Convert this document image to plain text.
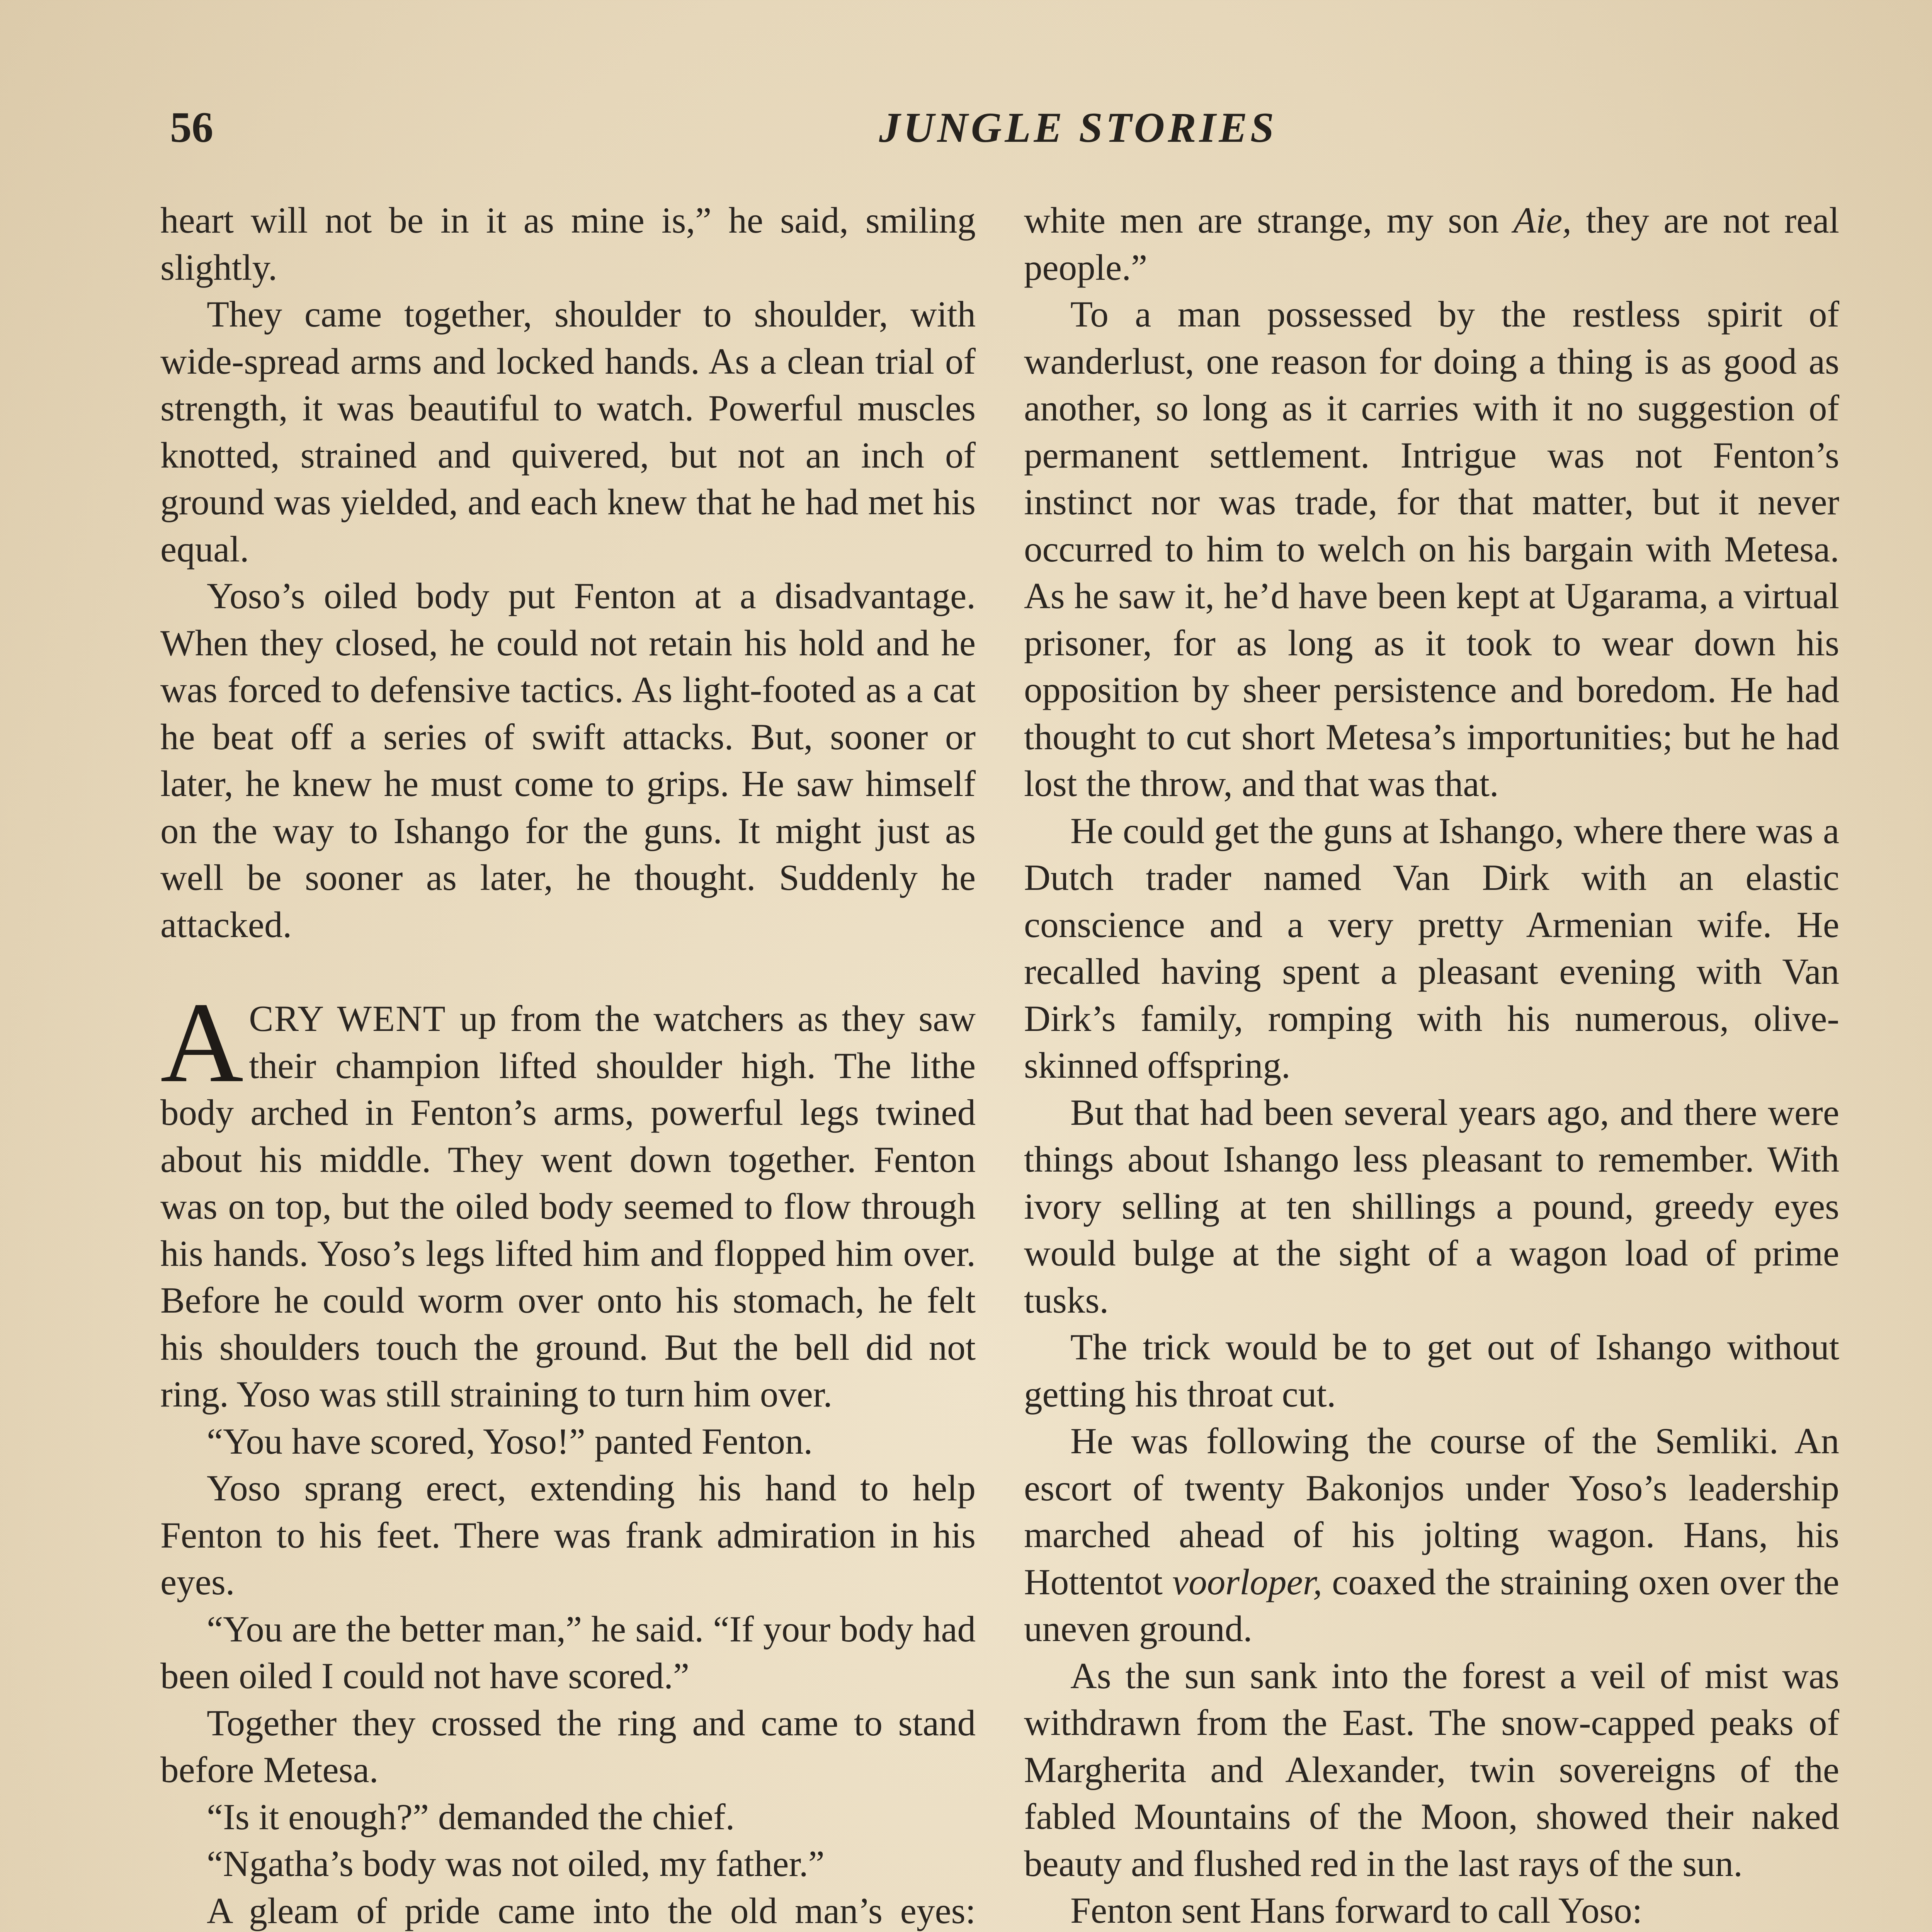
56	JUNGLE STORIES

heart will not be in it as mine is,” he said, smiling slightly.

They came together, shoulder to shoulder, with wide-spread arms and locked hands. As a clean trial of strength, it was beautiful to watch. Powerful muscles knotted, strained and quivered, but not an inch of ground was yielded, and each knew that he had met his equal.

Yoso’s oiled body put Fenton at a disadvantage. When they closed, he could not retain his hold and he was forced to defensive tactics. As light-footed as a cat he beat off a series of swift attacks. But, sooner or later, he knew he must come to grips. He saw himself on the way to Ishango for the guns. It might just as well be sooner as later, he thought. Suddenly he attacked.

ACRY WENT up from the watchers as they saw their champion lifted shoulder high. The lithe body arched in Fenton’s arms, powerful legs twined about his middle. They went down together. Fenton was on top, but the oiled body seemed to flow through his hands. Yoso’s legs lifted him and flopped him over. Before he could worm over onto his stomach, he felt his shoulders touch the ground. But the bell did not ring. Yoso was still straining to turn him over.

“You have scored, Yoso!” panted Fenton.

Yoso sprang erect, extending his hand to help Fenton to his feet. There was frank admiration in his eyes.

“You are the better man,” he said. “If your body had been oiled I could not have scored.”

Together they crossed the ring and came to stand before Metesa.

“Is it enough?” demanded the chief.

“Ngatha’s body was not oiled, my father.”

A gleam of pride came into the old man’s eyes:

white men are strange, my son Aie, they are not real people.”

To a man possessed by the restless spirit of wanderlust, one reason for doing a thing is as good as another, so long as it carries with it no suggestion of permanent settlement. Intrigue was not Fenton’s instinct nor was trade, for that matter, but it never occurred to him to welch on his bargain with Metesa. As he saw it, he’d have been kept at Ugarama, a virtual prisoner, for as long as it took to wear down his opposition by sheer persistence and boredom. He had thought to cut short Metesa’s importunities; but he had lost the throw, and that was that.

He could get the guns at Ishango, where there was a Dutch trader named Van Dirk with an elastic conscience and a very pretty Armenian wife. He recalled having spent a pleasant evening with Van Dirk’s family, romping with his numerous, olive-skinned offspring.

But that had been several years ago, and there were things about Ishango less pleasant to remember. With ivory selling at ten shillings a pound, greedy eyes would bulge at the sight of a wagon load of prime tusks.

The trick would be to get out of Ishango without getting his throat cut.

He was following the course of the Semliki. An escort of twenty Bakonjos under Yoso’s leadership marched ahead of his jolting wagon. Hans, his Hottentot voorloper, coaxed the straining oxen over the uneven ground.

As the sun sank into the forest a veil of mist was withdrawn from the East. The snow-capped peaks of Margherita and Alexander, twin sovereigns of the fabled Mountains of the Moon, showed their naked beauty and flushed red in the last rays of the sun.

Fenton sent Hans forward to call Yoso:
